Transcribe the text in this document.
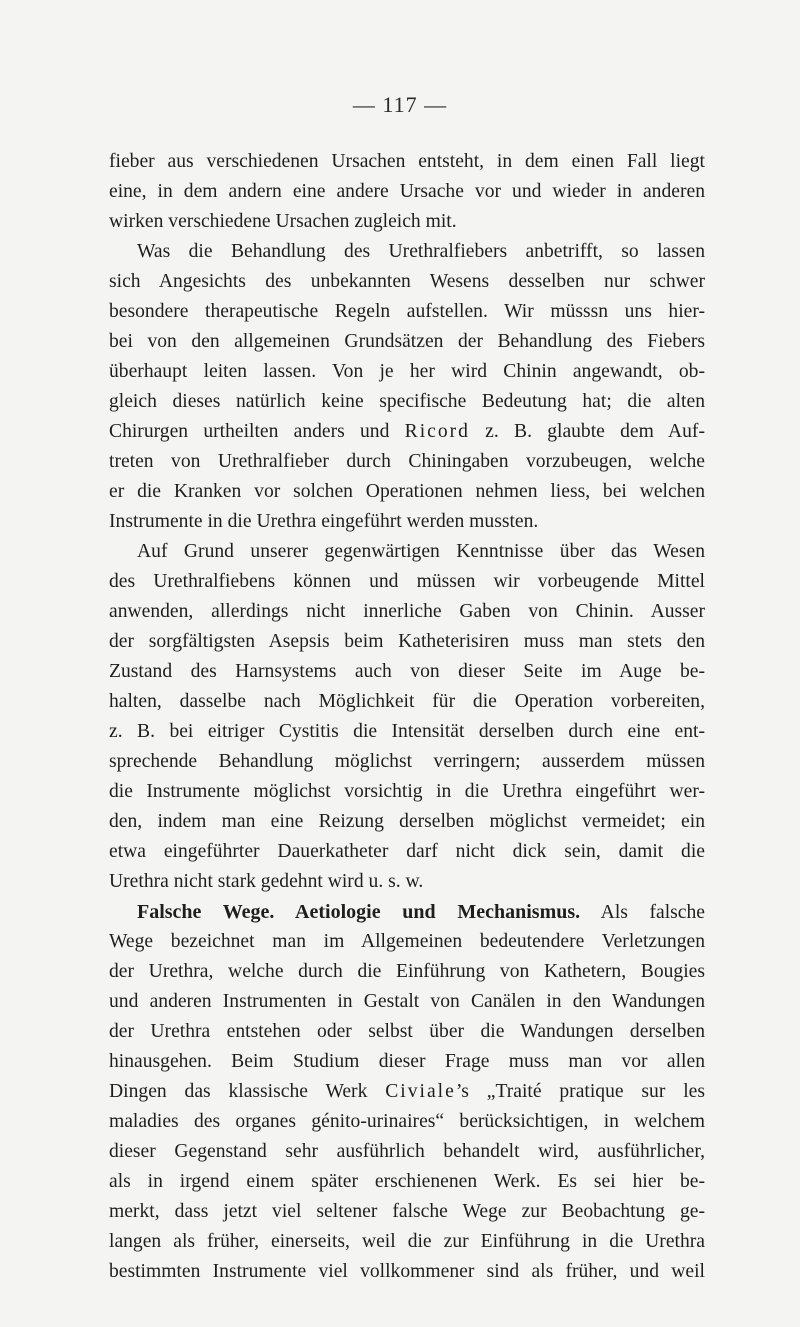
— 117 —
fieber aus verschiedenen Ursachen entsteht, in dem einen Fall liegt
eine, in dem andern eine andere Ursache vor und wieder in anderen
wirken verschiedene Ursachen zugleich mit.
Was die Behandlung des Urethralfiebers anbetrifft, so lassen
sich Angesichts des unbekannten Wesens desselben nur schwer
besondere therapeutische Regeln aufstellen. Wir müsssn uns hier-
bei von den allgemeinen Grundsätzen der Behandlung des Fiebers
überhaupt leiten lassen. Von je her wird Chinin angewandt, ob-
gleich dieses natürlich keine specifische Bedeutung hat; die alten
Chirurgen urtheilten anders und Ricord z. B. glaubte dem Auf-
treten von Urethralfieber durch Chiningaben vorzubeugen, welche
er die Kranken vor solchen Operationen nehmen liess, bei welchen
Instrumente in die Urethra eingeführt werden mussten.
Auf Grund unserer gegenwärtigen Kenntnisse über das Wesen
des Urethralfiebens können und müssen wir vorbeugende Mittel
anwenden, allerdings nicht innerliche Gaben von Chinin. Ausser
der sorgfältigsten Asepsis beim Katheterisiren muss man stets den
Zustand des Harnsystems auch von dieser Seite im Auge be-
halten, dasselbe nach Möglichkeit für die Operation vorbereiten,
z. B. bei eitriger Cystitis die Intensität derselben durch eine ent-
sprechende Behandlung möglichst verringern; ausserdem müssen
die Instrumente möglichst vorsichtig in die Urethra eingeführt wer-
den, indem man eine Reizung derselben möglichst vermeidet; ein
etwa eingeführter Dauerkatheter darf nicht dick sein, damit die
Urethra nicht stark gedehnt wird u. s. w.
Falsche Wege. Aetiologie und Mechanismus. Als falsche
Wege bezeichnet man im Allgemeinen bedeutendere Verletzungen
der Urethra, welche durch die Einführung von Kathetern, Bougies
und anderen Instrumenten in Gestalt von Canälen in den Wandungen
der Urethra entstehen oder selbst über die Wandungen derselben
hinausgehen. Beim Studium dieser Frage muss man vor allen
Dingen das klassische Werk Civiale’s „Traité pratique sur les
maladies des organes génito-urinaires“ berücksichtigen, in welchem
dieser Gegenstand sehr ausführlich behandelt wird, ausführlicher,
als in irgend einem später erschienenen Werk. Es sei hier be-
merkt, dass jetzt viel seltener falsche Wege zur Beobachtung ge-
langen als früher, einerseits, weil die zur Einführung in die Urethra
bestimmten Instrumente viel vollkommener sind als früher, und weil
